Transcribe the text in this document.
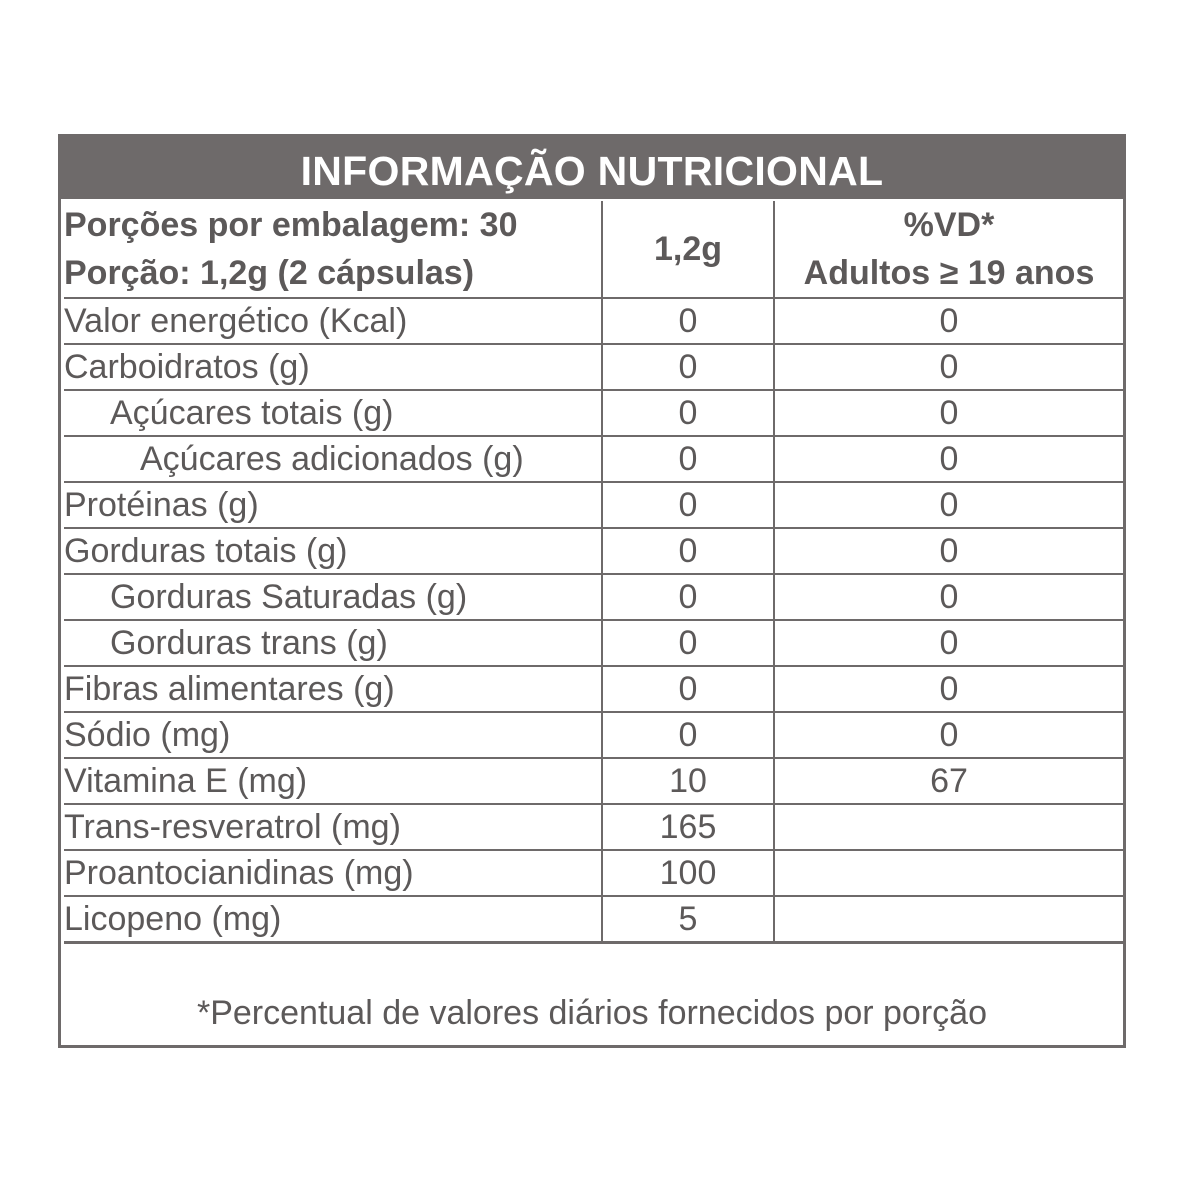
INFORMAÇÃO NUTRICIONAL
Porções por embalagem: 30
Porção: 1,2g (2 cápsulas)	1,2g	%VD*
Adultos ≥ 19 anos

Valor energético (Kcal)	0	0
Carboidratos (g)	0	0
Açúcares totais (g)	0	0
Açúcares adicionados (g)	0	0
Protéinas (g)	0	0
Gorduras totais (g)	0	0
Gorduras Saturadas (g)	0	0
Gorduras trans (g)	0	0
Fibras alimentares (g)	0	0
Sódio (mg)	0	0
Vitamina E (mg)	10	67
Trans-resveratrol (mg)	165	
Proantocianidinas (mg)	100	
Licopeno (mg)	5	
*Percentual de valores diários fornecidos por porção
